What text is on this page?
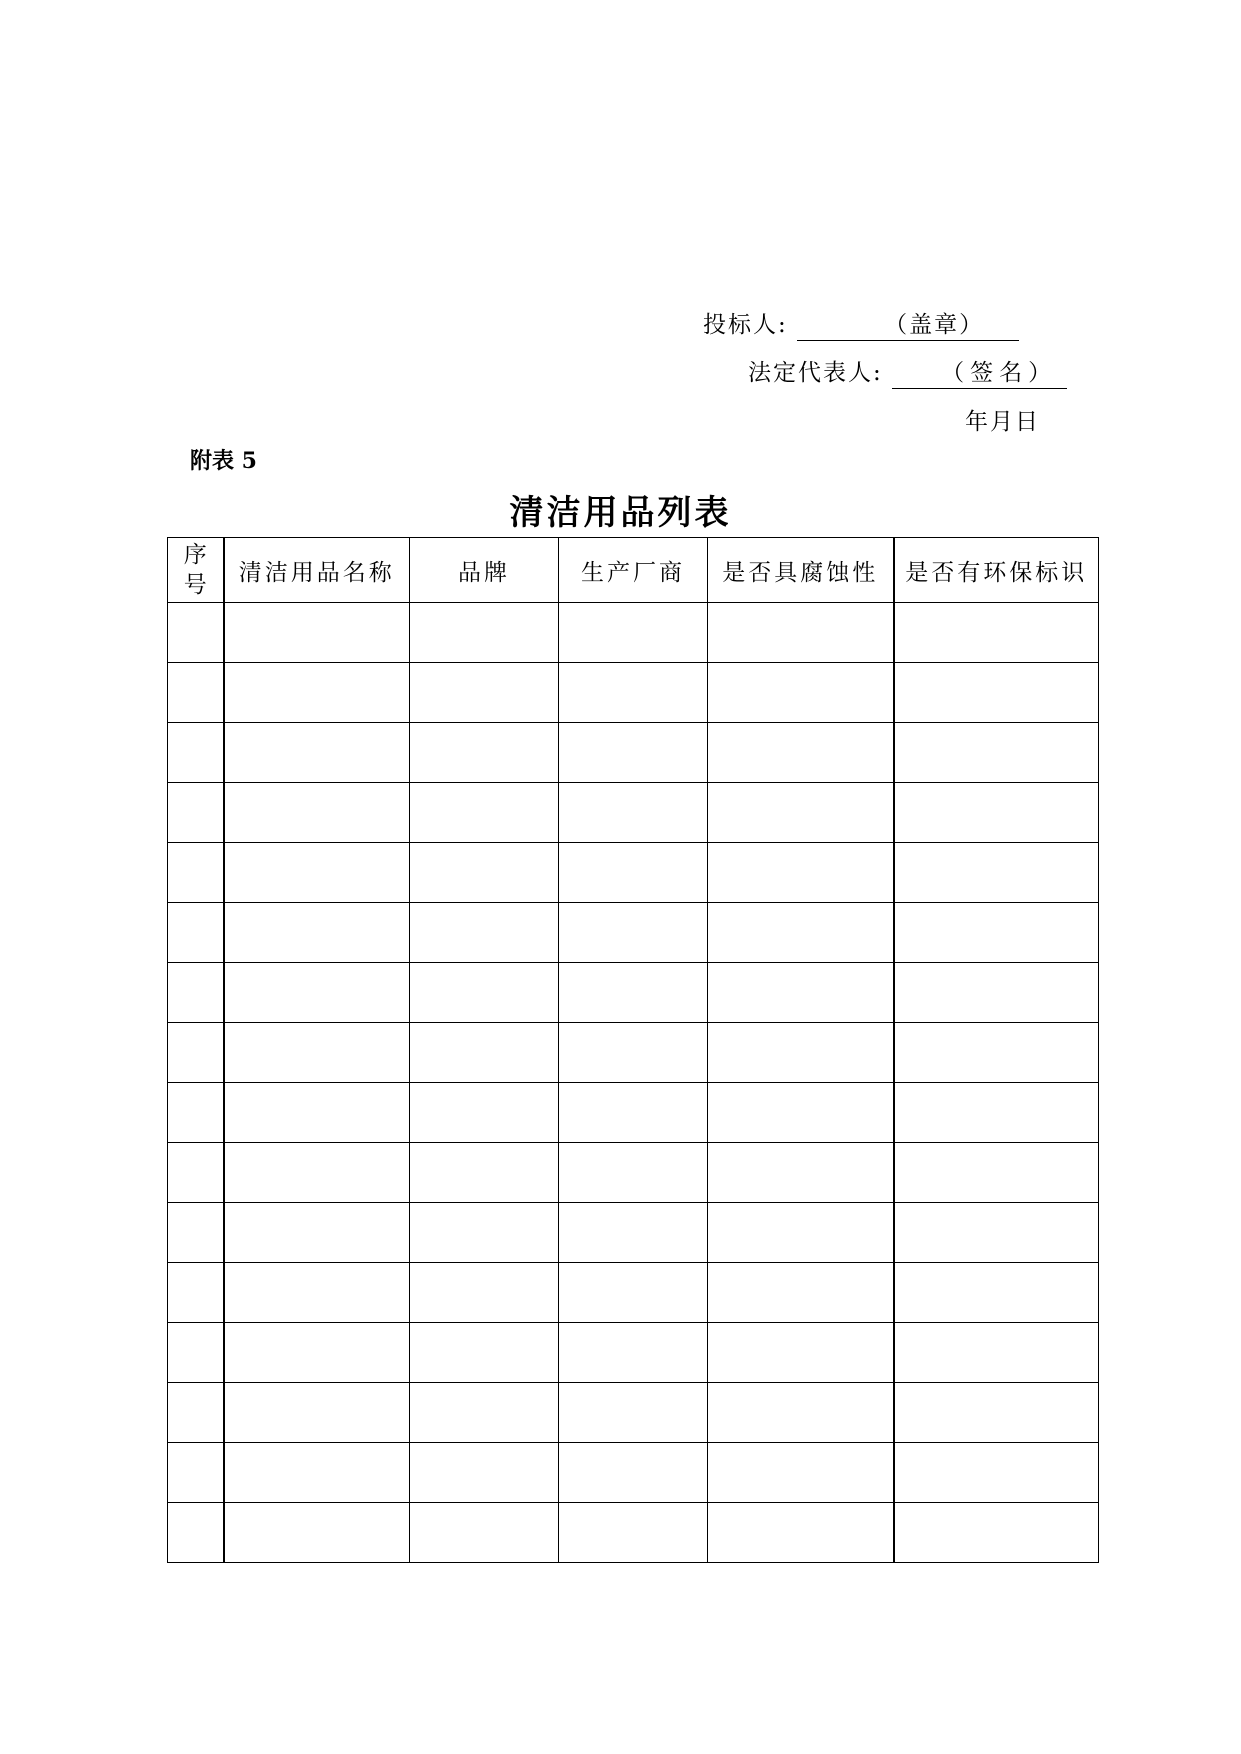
投标人:	（盖章）
法定代表人:	（签名）
年月日
附表 5
清洁用品列表
序
号	清洁用品名称	品牌	生产厂商	是否具腐蚀性	是否有环保标识
